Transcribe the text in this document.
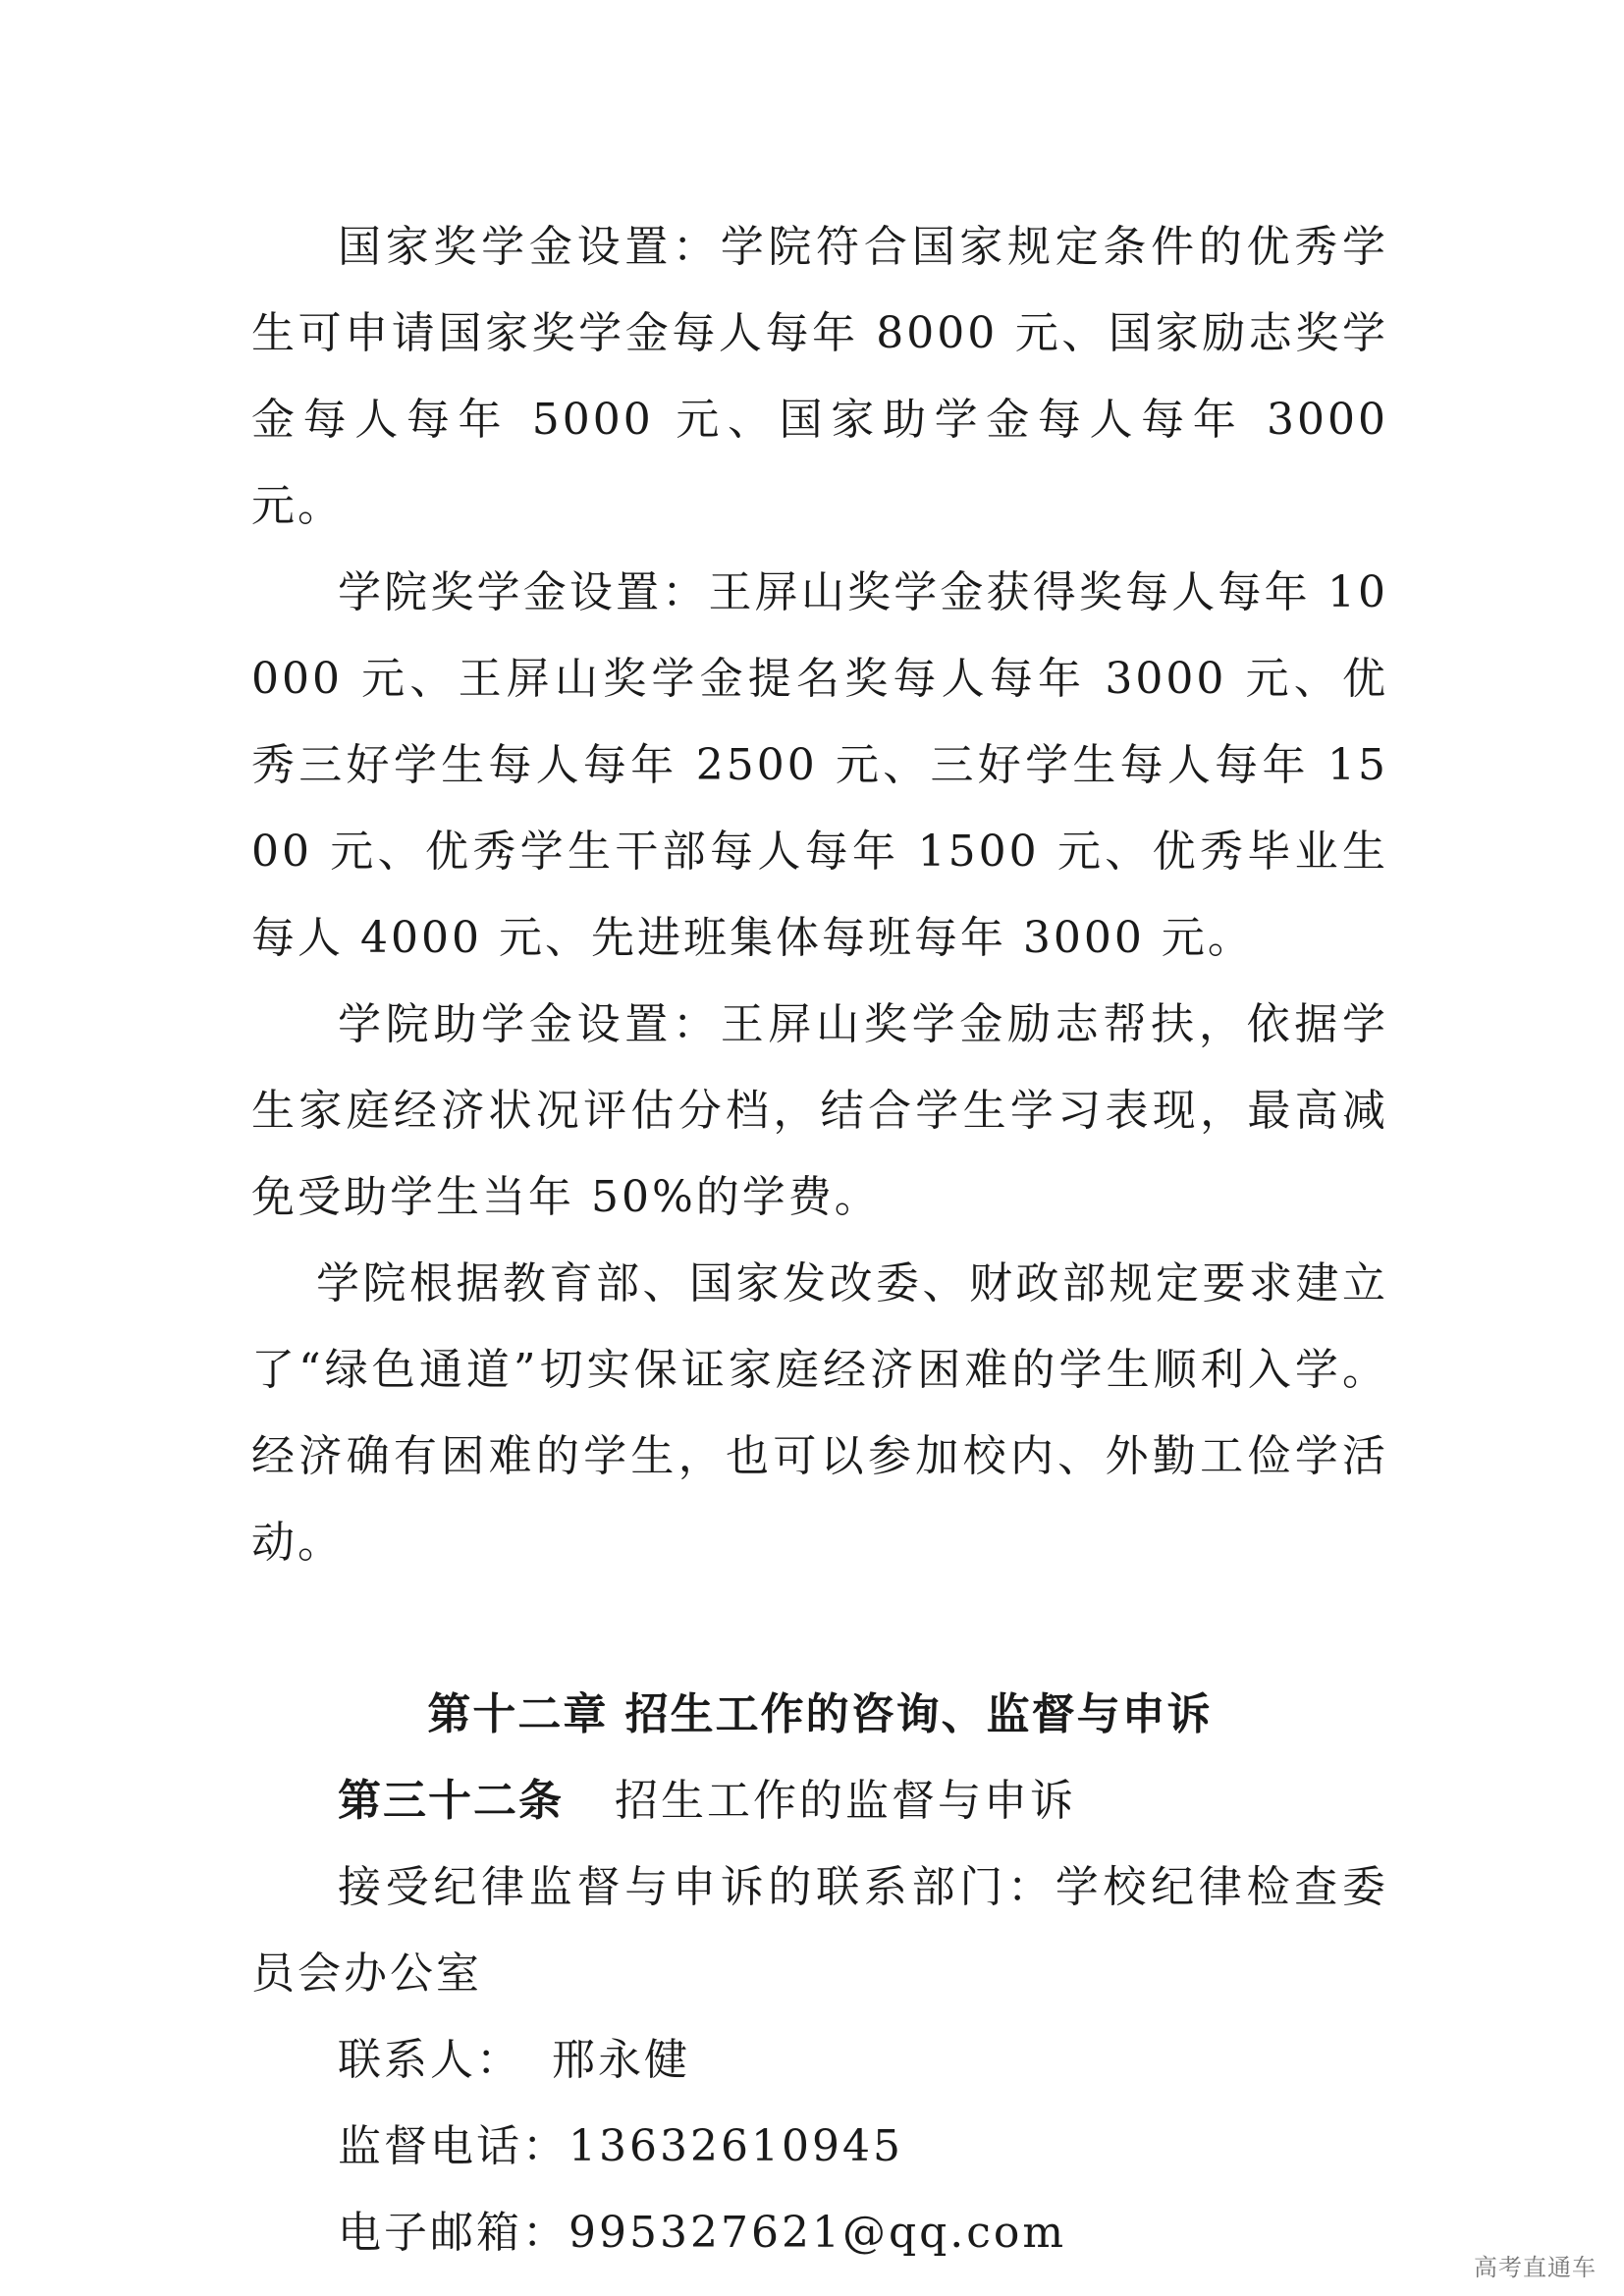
国家奖学金设置：学院符合国家规定条件的优秀学生可申请国家奖学金每人每年 8000 元、国家励志奖学金每人每年 5000 元、国家助学金每人每年 3000 元。

学院奖学金设置：王屏山奖学金获得奖每人每年 10000 元、王屏山奖学金提名奖每人每年 3000 元、优秀三好学生每人每年 2500 元、三好学生每人每年 1500 元、优秀学生干部每人每年 1500 元、优秀毕业生每人 4000 元、先进班集体每班每年 3000 元。

学院助学金设置：王屏山奖学金励志帮扶，依据学生家庭经济状况评估分档，结合学生学习表现，最高减免受助学生当年 50%的学费。

学院根据教育部、国家发改委、财政部规定要求建立了“绿色通道”切实保证家庭经济困难的学生顺利入学。经济确有困难的学生，也可以参加校内、外勤工俭学活动。

第十二章 招生工作的咨询、监督与申诉

第三十二条 招生工作的监督与申诉

接受纪律监督与申诉的联系部门：学校纪律检查委员会办公室

联系人： 邢永健

监督电话：13632610945

电子邮箱：995327621@qq.com

高考直通车
